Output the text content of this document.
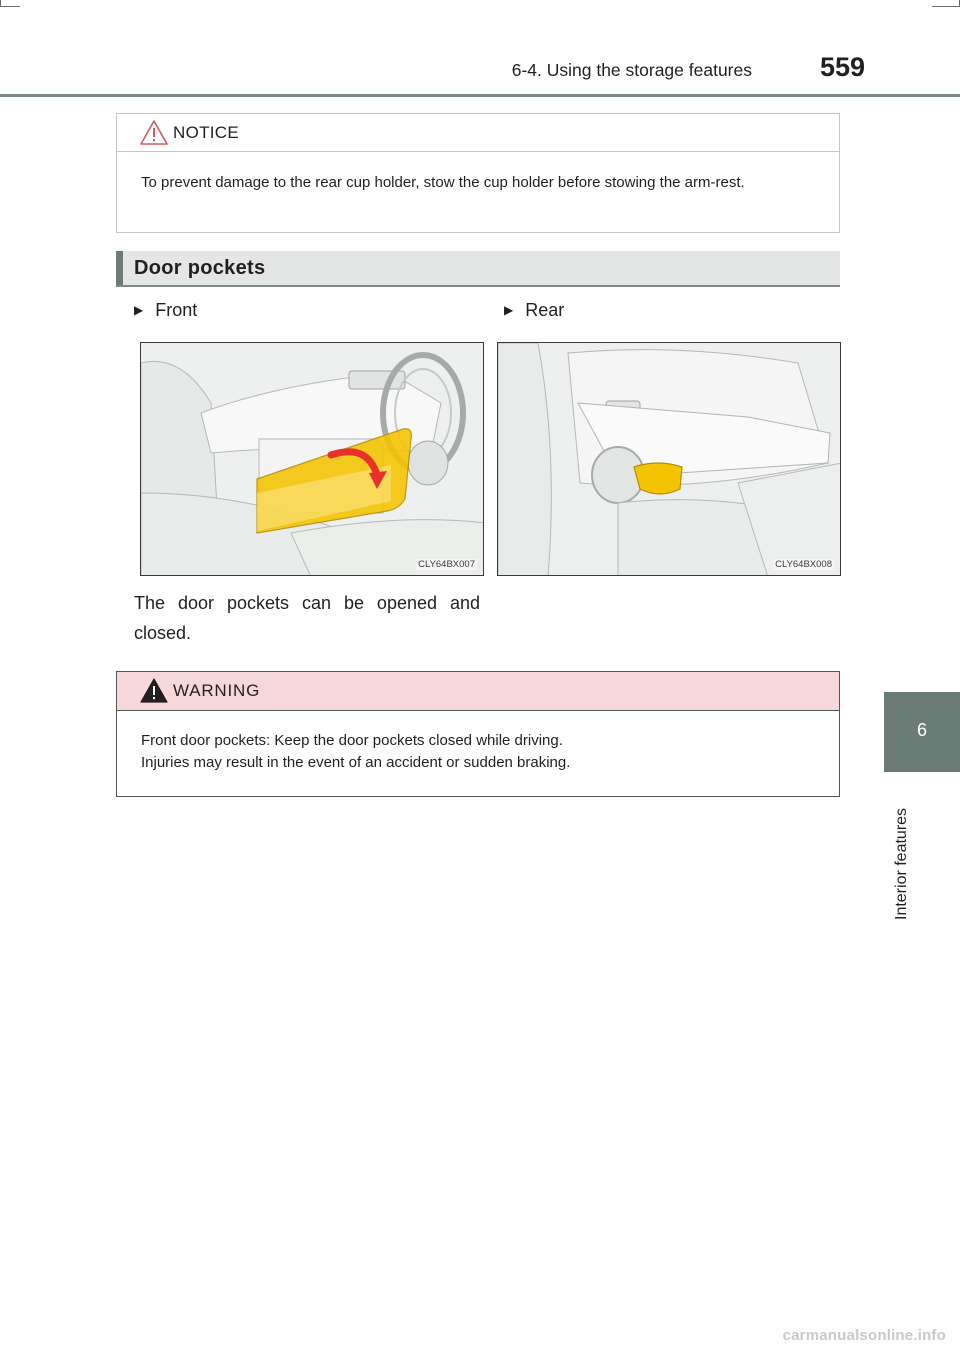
6-4. Using the storage features	559
6
Interior features
NOTICE
To prevent damage to the rear cup holder, stow the cup holder before stowing the arm-rest.
Door pockets
▶ Front	▶ Rear
CLY64BX007	CLY64BX008
The door pockets can be opened and closed.
WARNING
Front door pockets: Keep the door pockets closed while driving.
Injuries may result in the event of an accident or sudden braking.
carmanualsonline.info
